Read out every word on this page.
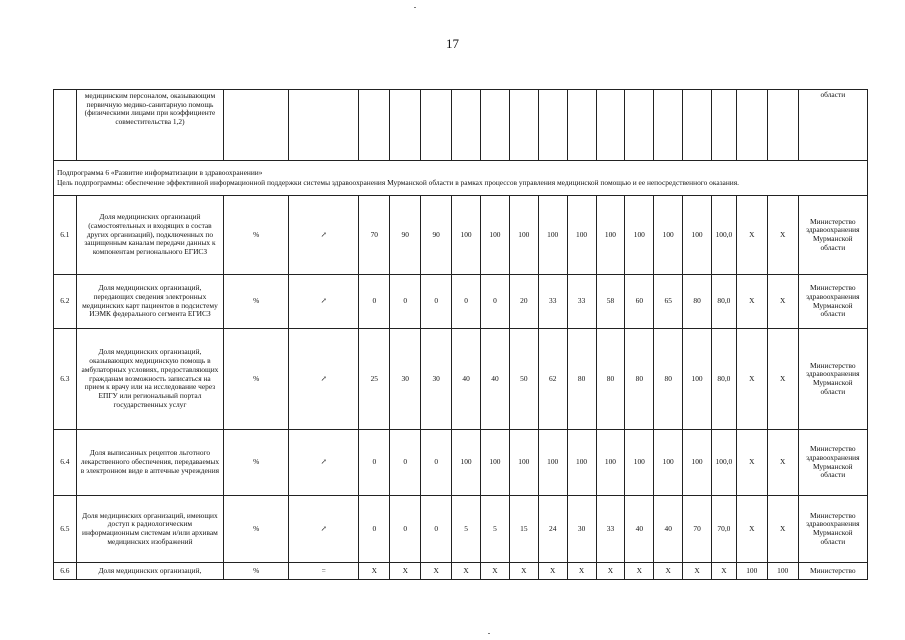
17
	медицинским персоналом, оказывающим первичную медико-санитарную помощь (физическими лицами при коэффициенте совместительства 1,2)																		области

Подпрограмма 6 «Развитие информатизации в здравоохранении»
Цель подпрограммы: обеспечение эффективной информационной поддержки системы здравоохранения Мурманской области в рамках процессов управления медицинской помощью и ее непосредственного оказания.																			

6.1	Доля медицинских организаций (самостоятельных и входящих в состав других организаций), подключенных по защищенным каналам передачи данных к компонентам регионального ЕГИСЗ	%	↗	70	90	90	100	100	100	100	100	100	100	100	100	100,0	X	X	Министерство здравоохранения Мурманской области
6.2	Доля медицинских организаций, передающих сведения электронных медицинских карт пациентов в подсистему ИЭМК федерального сегмента ЕГИСЗ	%	↗	0	0	0	0	0	20	33	33	58	60	65	80	80,0	X	X	Министерство здравоохранения Мурманской области
6.3	Доля медицинских организаций, оказывающих медицинскую помощь в амбулаторных условиях, предоставляющих гражданам возможность записаться на прием к врачу или на исследование через ЕПГУ или региональный портал государственных услуг	%	↗	25	30	30	40	40	50	62	80	80	80	80	100	80,0	X	X	Министерство здравоохранения Мурманской области
6.4	Доля выписанных рецептов льготного лекарственного обеспечения, передаваемых в электронном виде в аптечные учреждения	%	↗	0	0	0	100	100	100	100	100	100	100	100	100	100,0	X	X	Министерство здравоохранения Мурманской области
6.5	Доля медицинских организаций, имеющих доступ к радиологическим информационным системам и/или архивам медицинских изображений	%	↗	0	0	0	5	5	15	24	30	33	40	40	70	70,0	X	X	Министерство здравоохранения Мурманской области
6.6	Доля медицинских организаций,	%	=	X	X	X	X	X	X	X	X	X	X	X	X	X	100	100	Министерство
